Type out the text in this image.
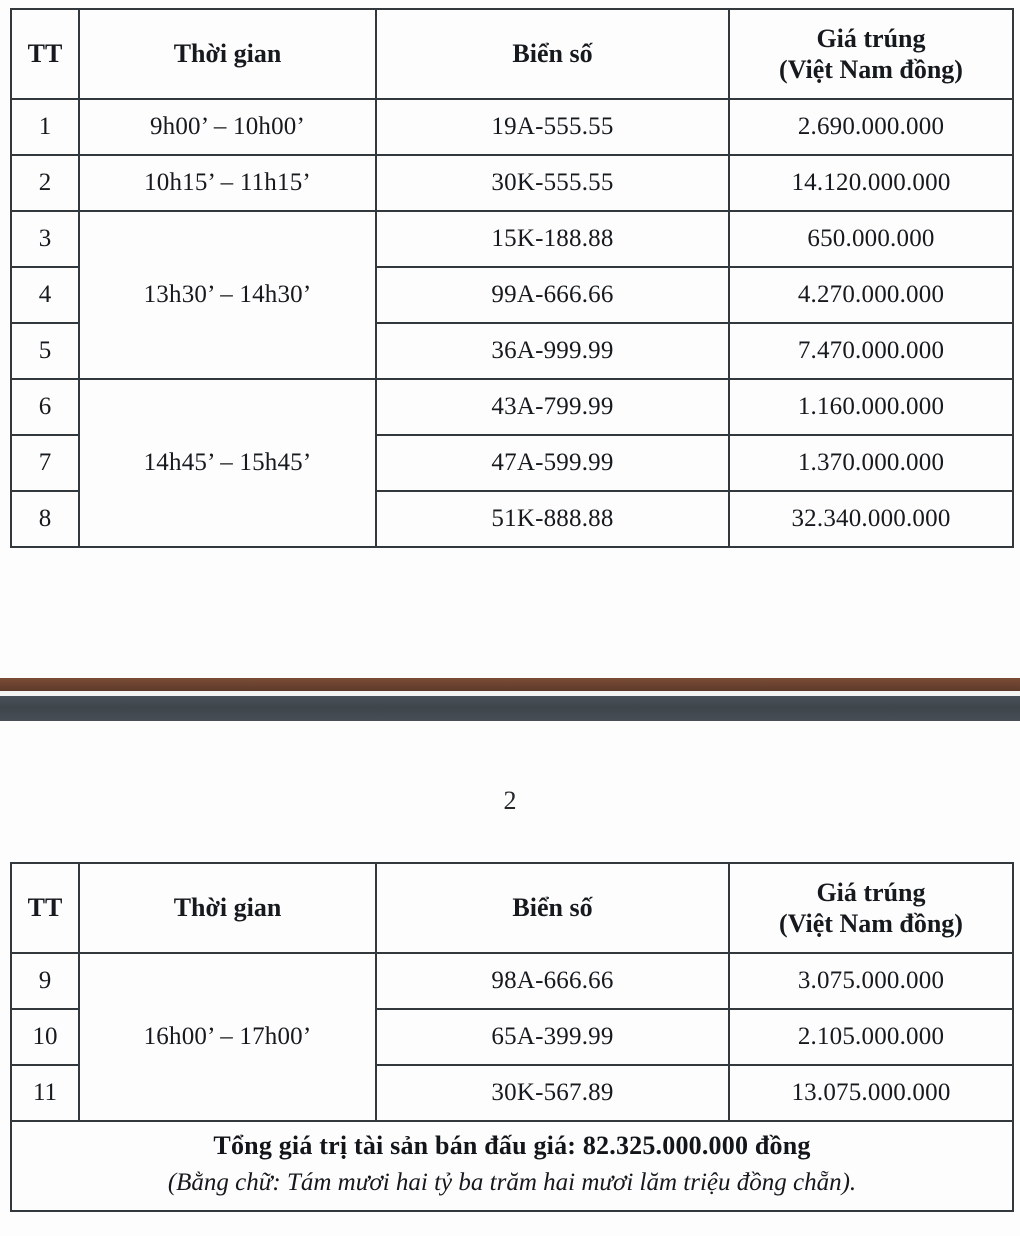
TT	Thời gian	Biển số	Giá trúng
(Việt Nam đồng)

1	9h00’ – 10h00’	19A-555.55	2.690.000.000
2	10h15’ – 11h15’	30K-555.55	14.120.000.000
3	13h30’ – 14h30’	15K-188.88	650.000.000
4		99A-666.66	4.270.000.000
5		36A-999.99	7.470.000.000
6	14h45’ – 15h45’	43A-799.99	1.160.000.000
7		47A-599.99	1.370.000.000
8		51K-888.88	32.340.000.000
2
TT	Thời gian	Biển số	Giá trúng
(Việt Nam đồng)

9	16h00’ – 17h00’	98A-666.66	3.075.000.000
10		65A-399.99	2.105.000.000
11		30K-567.89	13.075.000.000

Tổng giá trị tài sản bán đấu giá: 82.325.000.000 đồng
(Bằng chữ: Tám mươi hai tỷ ba trăm hai mươi lăm triệu đồng chẵn).			
